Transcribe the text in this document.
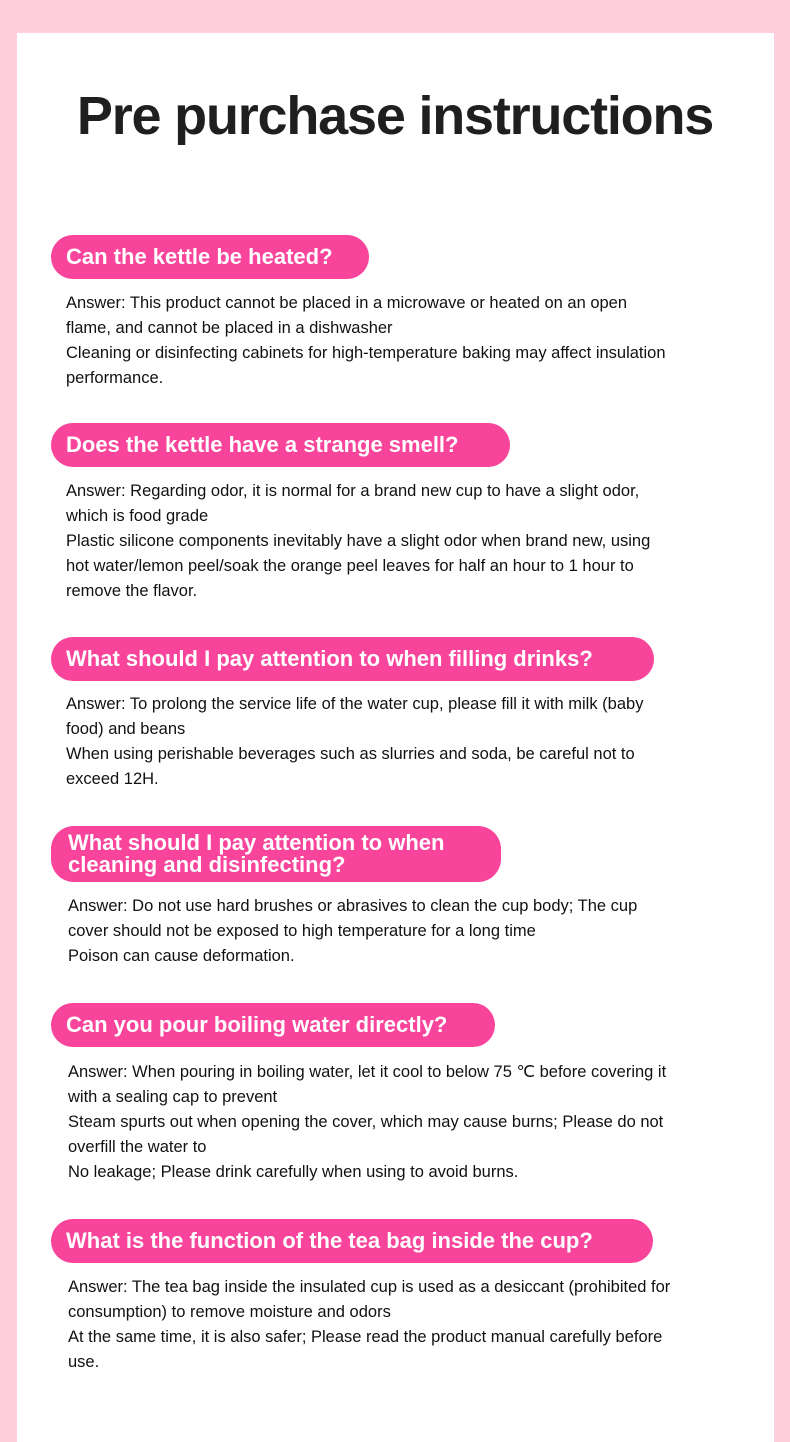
Pre purchase instructions
Can the kettle be heated?
Answer: This product cannot be placed in a microwave or heated on an open
flame, and cannot be placed in a dishwasher
Cleaning or disinfecting cabinets for high-temperature baking may affect insulation
performance.
Does the kettle have a strange smell?
Answer: Regarding odor, it is normal for a brand new cup to have a slight odor,
which is food grade
Plastic silicone components inevitably have a slight odor when brand new, using
hot water/lemon peel/soak the orange peel leaves for half an hour to 1 hour to
remove the flavor.
What should I pay attention to when filling drinks?
Answer: To prolong the service life of the water cup, please fill it with milk (baby
food) and beans
When using perishable beverages such as slurries and soda, be careful not to
exceed 12H.
What should I pay attention to when
cleaning and disinfecting?
Answer: Do not use hard brushes or abrasives to clean the cup body; The cup
cover should not be exposed to high temperature for a long time
Poison can cause deformation.
Can you pour boiling water directly?
Answer: When pouring in boiling water, let it cool to below 75 ℃ before covering it
with a sealing cap to prevent
Steam spurts out when opening the cover, which may cause burns; Please do not
overfill the water to
No leakage; Please drink carefully when using to avoid burns.
What is the function of the tea bag inside the cup?
Answer: The tea bag inside the insulated cup is used as a desiccant (prohibited for
consumption) to remove moisture and odors
At the same time, it is also safer; Please read the product manual carefully before
use.
